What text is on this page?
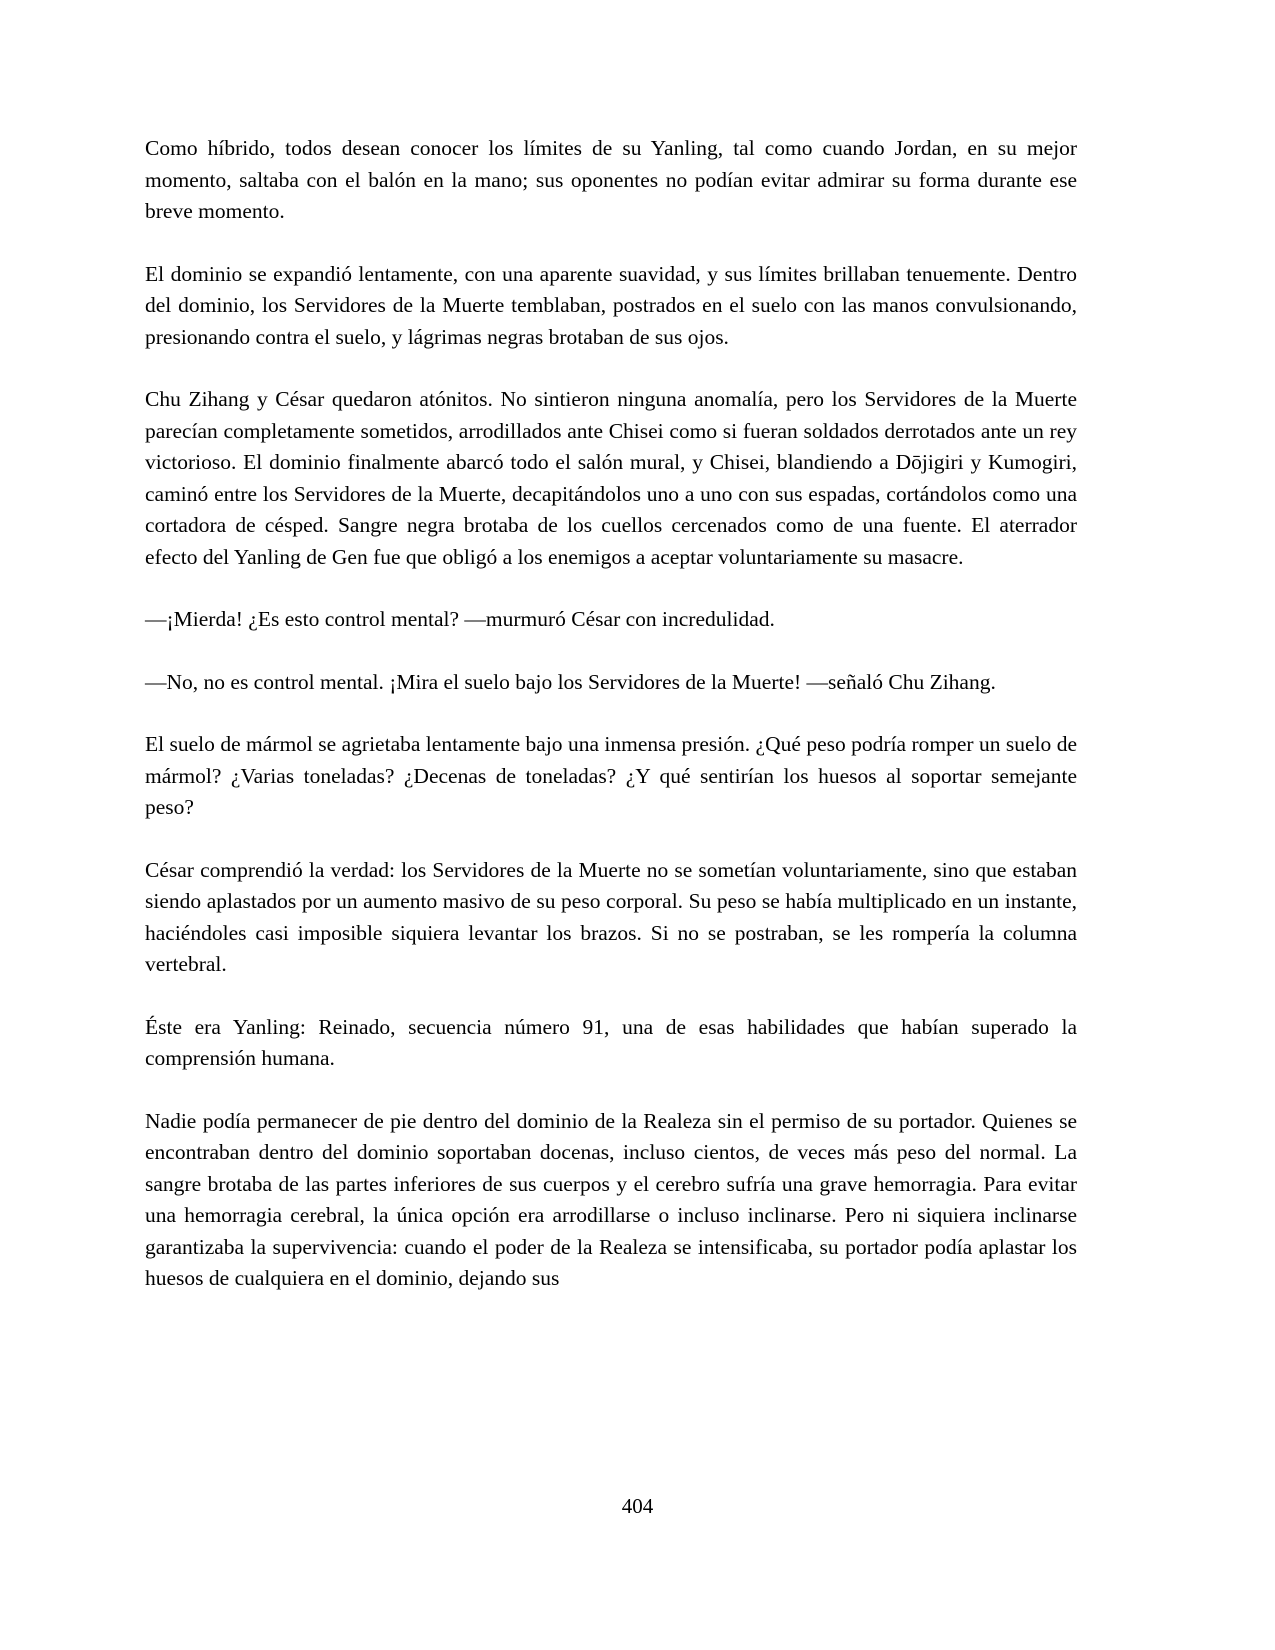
Como híbrido, todos desean conocer los límites de su Yanling, tal como cuando Jordan, en su mejor momento, saltaba con el balón en la mano; sus oponentes no podían evitar admirar su forma durante ese breve momento.

El dominio se expandió lentamente, con una aparente suavidad, y sus límites brillaban tenuemente. Dentro del dominio, los Servidores de la Muerte temblaban, postrados en el suelo con las manos convulsionando, presionando contra el suelo, y lágrimas negras brotaban de sus ojos.

Chu Zihang y César quedaron atónitos. No sintieron ninguna anomalía, pero los Servidores de la Muerte parecían completamente sometidos, arrodillados ante Chisei como si fueran soldados derrotados ante un rey victorioso. El dominio finalmente abarcó todo el salón mural, y Chisei, blandiendo a Dōjigiri y Kumogiri, caminó entre los Servidores de la Muerte, decapitándolos uno a uno con sus espadas, cortándolos como una cortadora de césped. Sangre negra brotaba de los cuellos cercenados como de una fuente. El aterrador efecto del Yanling de Gen fue que obligó a los enemigos a aceptar voluntariamente su masacre.

—¡Mierda! ¿Es esto control mental? —murmuró César con incredulidad.

—No, no es control mental. ¡Mira el suelo bajo los Servidores de la Muerte! —señaló Chu Zihang.

El suelo de mármol se agrietaba lentamente bajo una inmensa presión. ¿Qué peso podría romper un suelo de mármol? ¿Varias toneladas? ¿Decenas de toneladas? ¿Y qué sentirían los huesos al soportar semejante peso?

César comprendió la verdad: los Servidores de la Muerte no se sometían voluntariamente, sino que estaban siendo aplastados por un aumento masivo de su peso corporal. Su peso se había multiplicado en un instante, haciéndoles casi imposible siquiera levantar los brazos. Si no se postraban, se les rompería la columna vertebral.

Éste era Yanling: Reinado, secuencia número 91, una de esas habilidades que habían superado la comprensión humana.

Nadie podía permanecer de pie dentro del dominio de la Realeza sin el permiso de su portador. Quienes se encontraban dentro del dominio soportaban docenas, incluso cientos, de veces más peso del normal. La sangre brotaba de las partes inferiores de sus cuerpos y el cerebro sufría una grave hemorragia. Para evitar una hemorragia cerebral, la única opción era arrodillarse o incluso inclinarse. Pero ni siquiera inclinarse garantizaba la supervivencia: cuando el poder de la Realeza se intensificaba, su portador podía aplastar los huesos de cualquiera en el dominio, dejando sus

404
